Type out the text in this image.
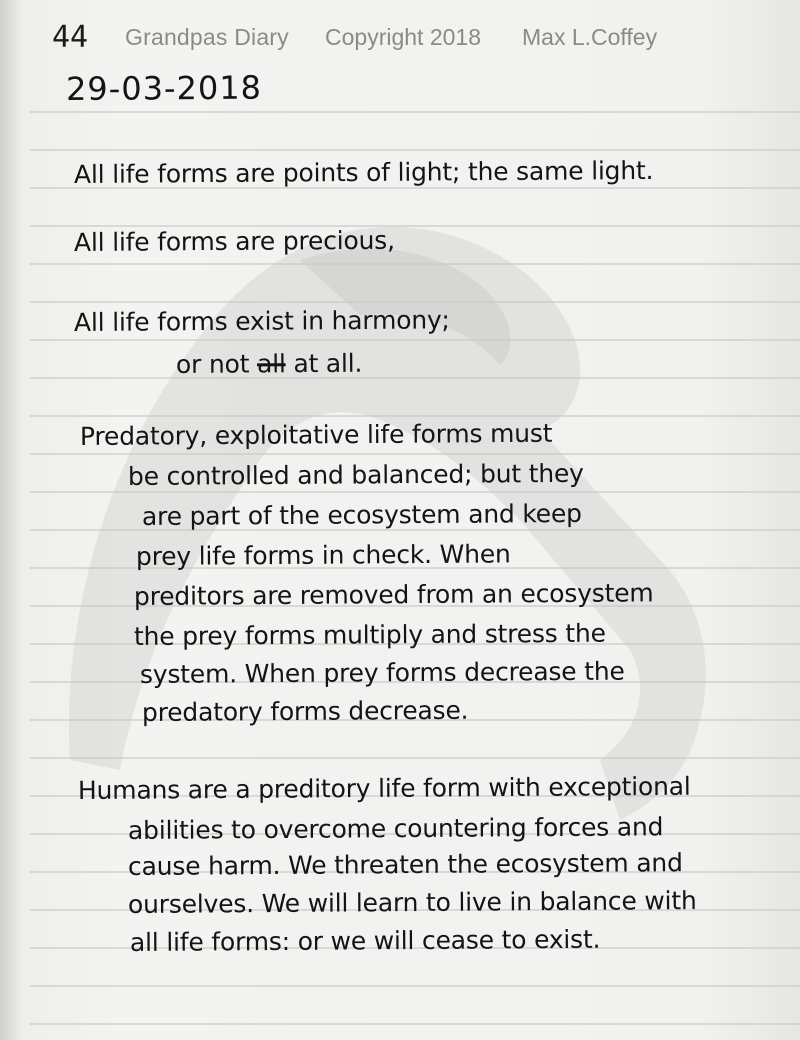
44 Grandpas Diary Copyright 2018 Max L.Coffey
29-03-2018
All life forms are points of light; the same light.
All life forms are precious,
All life forms exist in harmony;
or not all at all.
Predatory, exploitative life forms must
be controlled and balanced; but they
are part of the ecosystem and keep
prey life forms in check. When
preditors are removed from an ecosystem
the prey forms multiply and stress the
system. When prey forms decrease the
predatory forms decrease.
Humans are a preditory life form with exceptional
abilities to overcome countering forces and
cause harm. We threaten the ecosystem and
ourselves. We will learn to live in balance with
all life forms: or we will cease to exist.
